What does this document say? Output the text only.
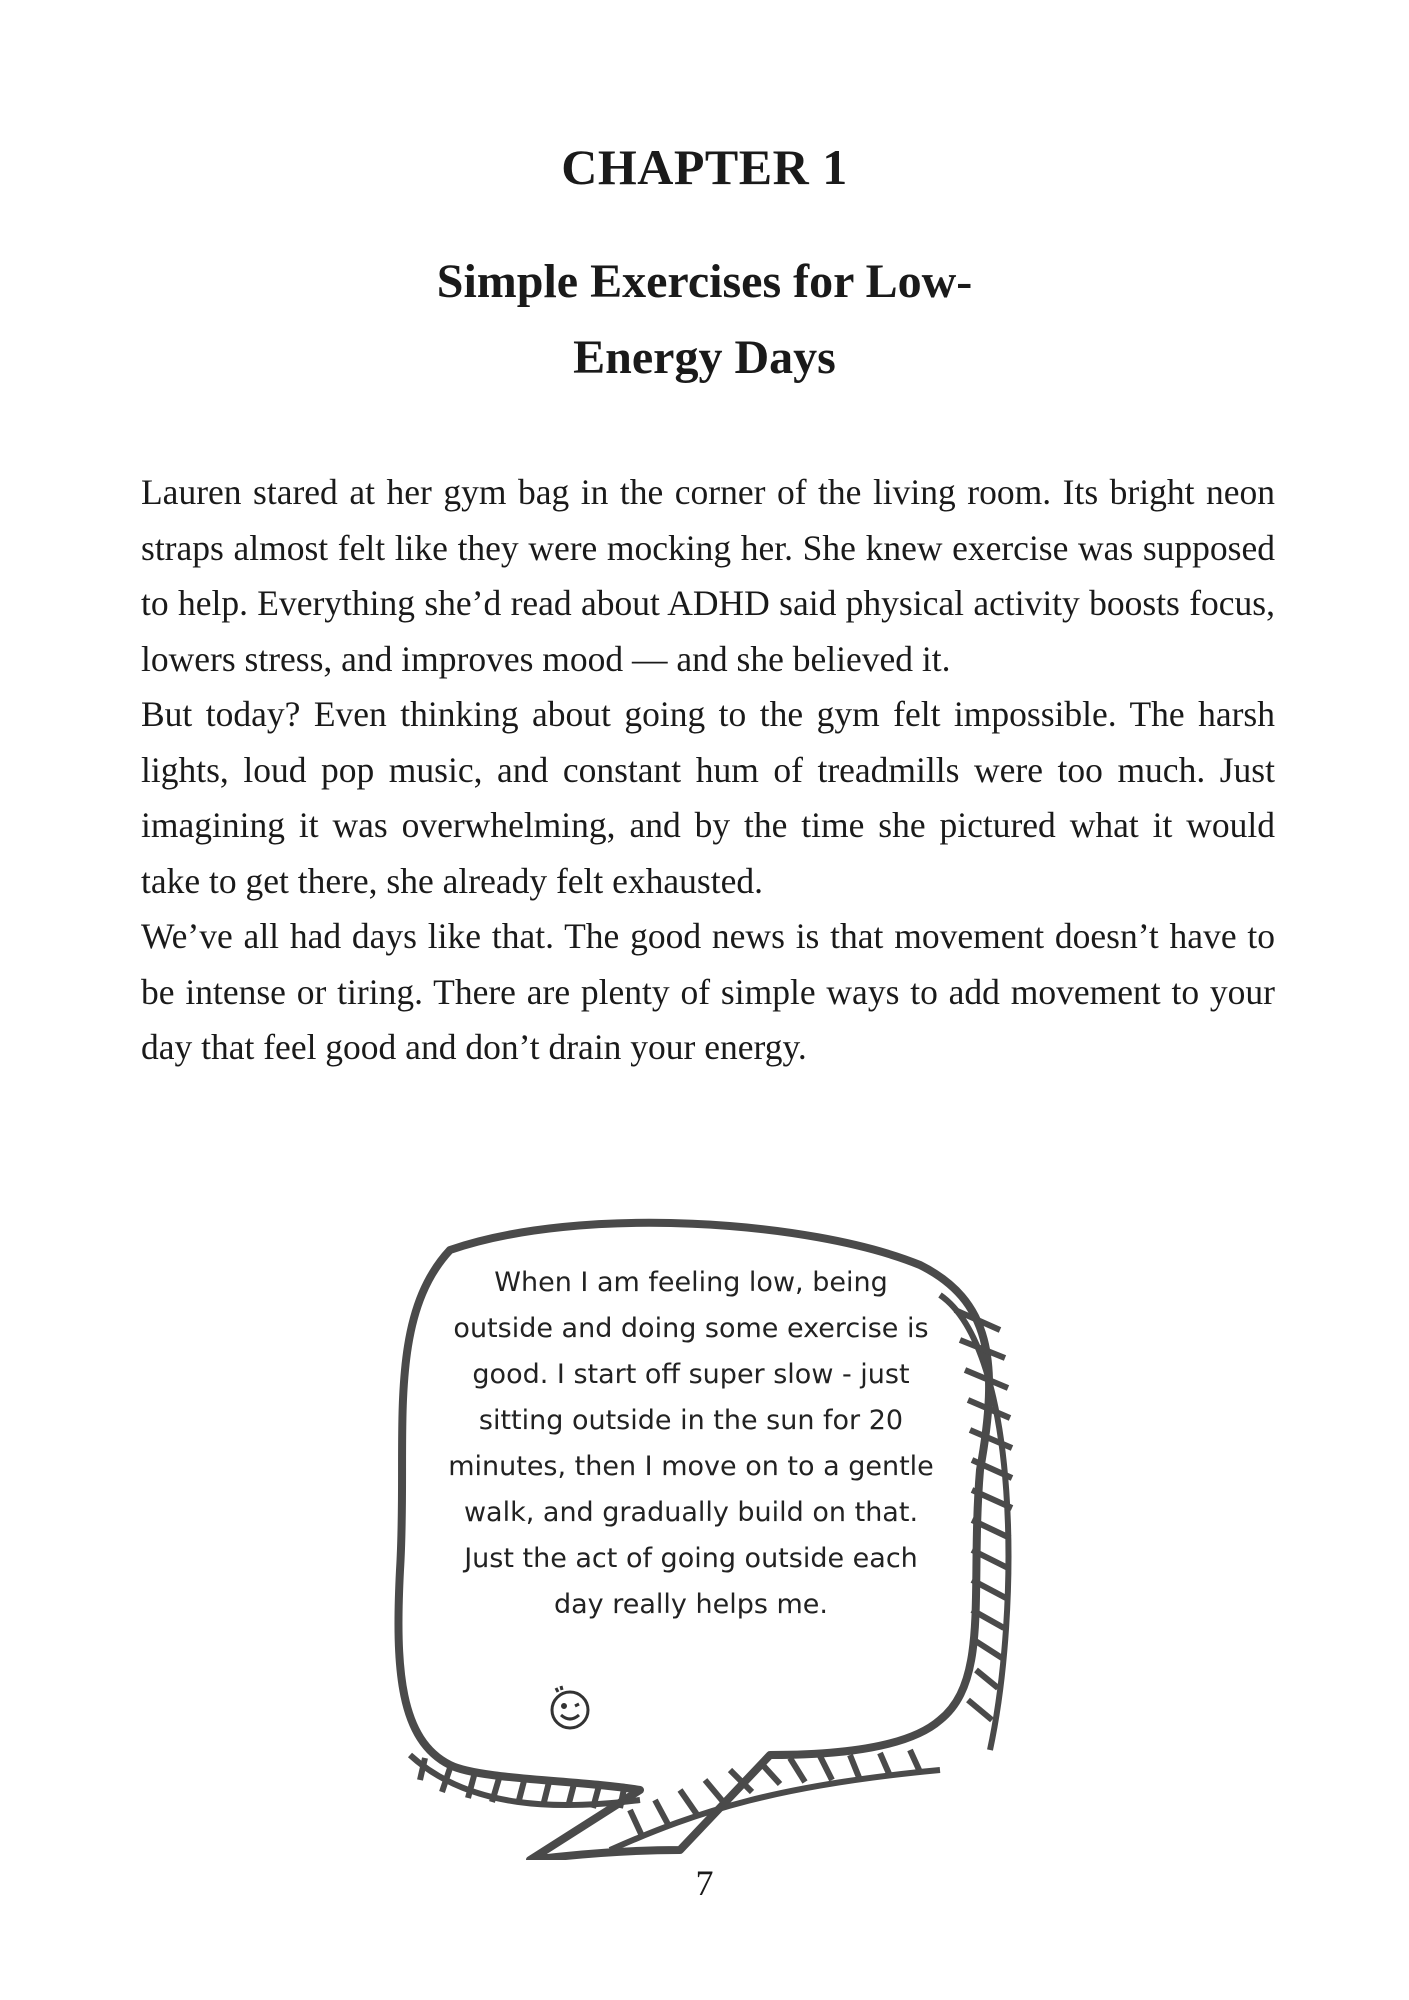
CHAPTER 1
Simple Exercises for Low-
Energy Days

Lauren stared at her gym bag in the corner of the living room. Its bright neon straps almost felt like they were mocking her. She knew exercise was supposed to help. Everything she’d read about ADHD said physical activity boosts focus, lowers stress, and improves mood — and she believed it.

But today? Even thinking about going to the gym felt impossible. The harsh lights, loud pop music, and constant hum of treadmills were too much. Just imagining it was overwhelming, and by the time she pictured what it would take to get there, she already felt exhausted.

We’ve all had days like that. The good news is that movement doesn’t have to be intense or tiring. There are plenty of simple ways to add movement to your day that feel good and don’t drain your energy.

When I am feeling low, being
outside and doing some exercise is
good. I start off super slow - just
sitting outside in the sun for 20
minutes, then I move on to a gentle
walk, and gradually build on that.
Just the act of going outside each
day really helps me.
7
